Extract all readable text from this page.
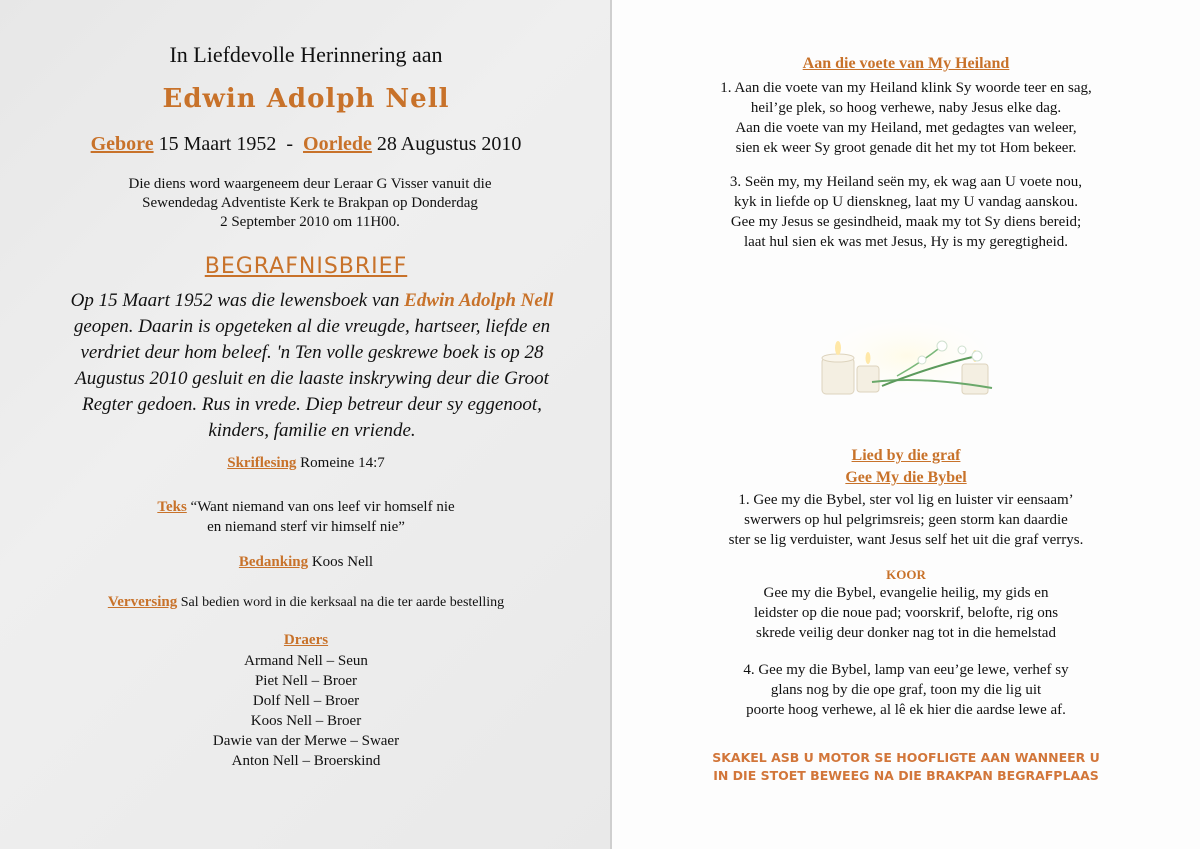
In Liefdevolle Herinnering aan
Edwin Adolph Nell
Gebore 15 Maart 1952 - Oorlede 28 Augustus 2010
Die diens word waargeneem deur Leraar G Visser vanuit die
Sewendedag Adventiste Kerk te Brakpan op Donderdag
2 September 2010 om 11H00.
BEGRAFNISBRIEF
Op 15 Maart 1952 was die lewensboek van Edwin Adolph Nell geopen. Daarin is opgeteken al die vreugde, hartseer, liefde en verdriet deur hom beleef. 'n Ten volle geskrewe boek is op 28 Augustus 2010 gesluit en die laaste inskrywing deur die Groot Regter gedoen. Rus in vrede. Diep betreur deur sy eggenoot, kinders, familie en vriende.
Skriflesing Romeine 14:7
Teks “Want niemand van ons leef vir homself nie
en niemand sterf vir himself nie”
Bedanking Koos Nell
Verversing Sal bedien word in die kerksaal na die ter aarde bestelling
Draers
Armand Nell – Seun
Piet Nell – Broer
Dolf Nell – Broer
Koos Nell – Broer
Dawie van der Merwe – Swaer
Anton Nell – Broerskind
Aan die voete van My Heiland
1. Aan die voete van my Heiland klink Sy woorde teer en sag,
heil’ge plek, so hoog verhewe, naby Jesus elke dag.
Aan die voete van my Heiland, met gedagtes van weleer,
sien ek weer Sy groot genade dit het my tot Hom bekeer.
3. Seën my, my Heiland seën my, ek wag aan U voete nou,
kyk in liefde op U dienskneg, laat my U vandag aanskou.
Gee my Jesus se gesindheid, maak my tot Sy diens bereid;
laat hul sien ek was met Jesus, Hy is my geregtigheid.
Lied by die graf
Gee My die Bybel
1. Gee my die Bybel, ster vol lig en luister vir eensaam’
swerwers op hul pelgrimsreis; geen storm kan daardie
ster se lig verduister, want Jesus self het uit die graf verrys.
KOOR
Gee my die Bybel, evangelie heilig, my gids en
leidster op die noue pad; voorskrif, belofte, rig ons
skrede veilig deur donker nag tot in die hemelstad
4. Gee my die Bybel, lamp van eeu’ge lewe, verhef sy
glans nog by die ope graf, toon my die lig uit
poorte hoog verhewe, al lê ek hier die aardse lewe af.
SKAKEL ASB U MOTOR SE HOOFLIGTE AAN WANNEER U
IN DIE STOET BEWEEG NA DIE BRAKPAN BEGRAFPLAAS
